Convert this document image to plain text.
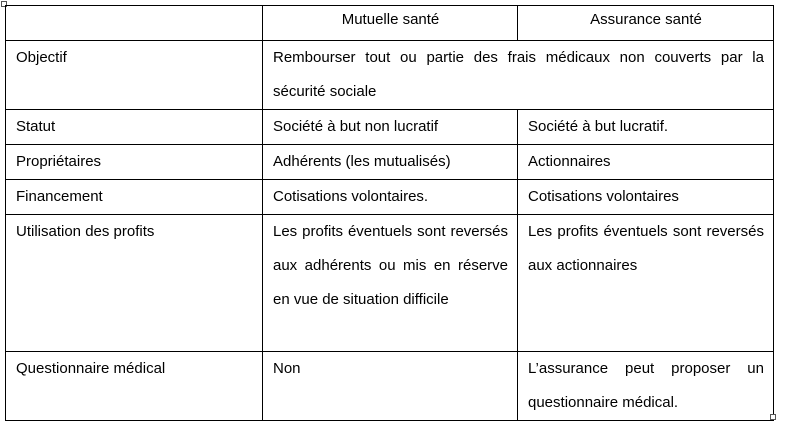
	Mutuelle santé	Assurance santé
Objectif	Rembourser tout ou partie des frais médicaux non couverts par la sécurité sociale	
Statut	Société à but non lucratif	Société à but lucratif.
Propriétaires	Adhérents (les mutualisés)	Actionnaires
Financement	Cotisations volontaires.	Cotisations volontaires
Utilisation des profits	Les profits éventuels sont reversés aux adhérents ou mis en réserve en vue de situation difficile	Les profits éventuels sont reversés aux actionnaires
Questionnaire médical	Non	L’assurance peut proposer un questionnaire médical.
